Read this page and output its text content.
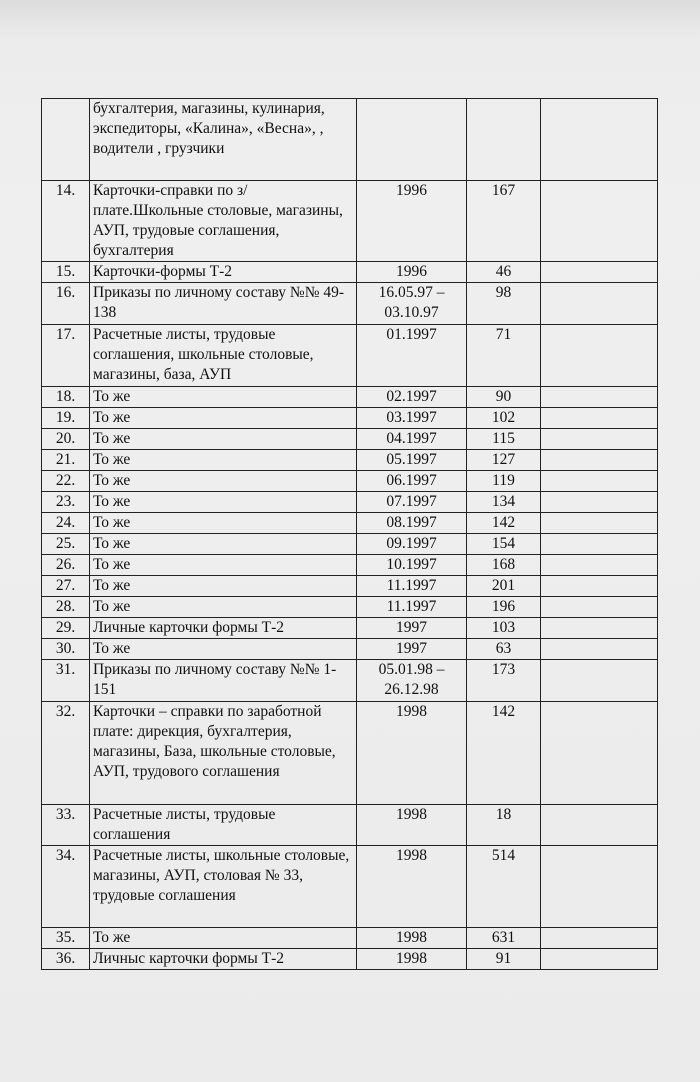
	бухгалтерия, магазины, кулинария, экспедиторы, «Калина», «Весна», , водители , грузчики			
14.	Карточки-справки по з/плате.Школьные столовые, магазины, АУП, трудовые соглашения, бухгалтерия	1996	167	
15.	Карточки-формы Т-2	1996	46	
16.	Приказы по личному составу №№ 49-138	16.05.97 – 03.10.97	98	
17.	Расчетные листы, трудовые соглашения, школьные столовые, магазины, база, АУП	01.1997	71	
18.	То же	02.1997	90	
19.	То же	03.1997	102	
20.	То же	04.1997	115	
21.	То же	05.1997	127	
22.	То же	06.1997	119	
23.	То же	07.1997	134	
24.	То же	08.1997	142	
25.	То же	09.1997	154	
26.	То же	10.1997	168	
27.	То же	11.1997	201	
28.	То же	11.1997	196	
29.	Личные карточки формы Т-2	1997	103	
30.	То же	1997	63	
31.	Приказы по личному составу №№ 1-151	05.01.98 – 26.12.98	173	
32.	Карточки – справки по заработной плате: дирекция, бухгалтерия, магазины, База, школьные столовые, АУП, трудового соглашения	1998	142	
33.	Расчетные листы, трудовые соглашения	1998	18	
34.	Расчетные листы, школьные столовые, магазины, АУП, столовая № 33, трудовые соглашения	1998	514	
35.	То же	1998	631	
36.	Личныс карточки формы Т-2	1998	91	
